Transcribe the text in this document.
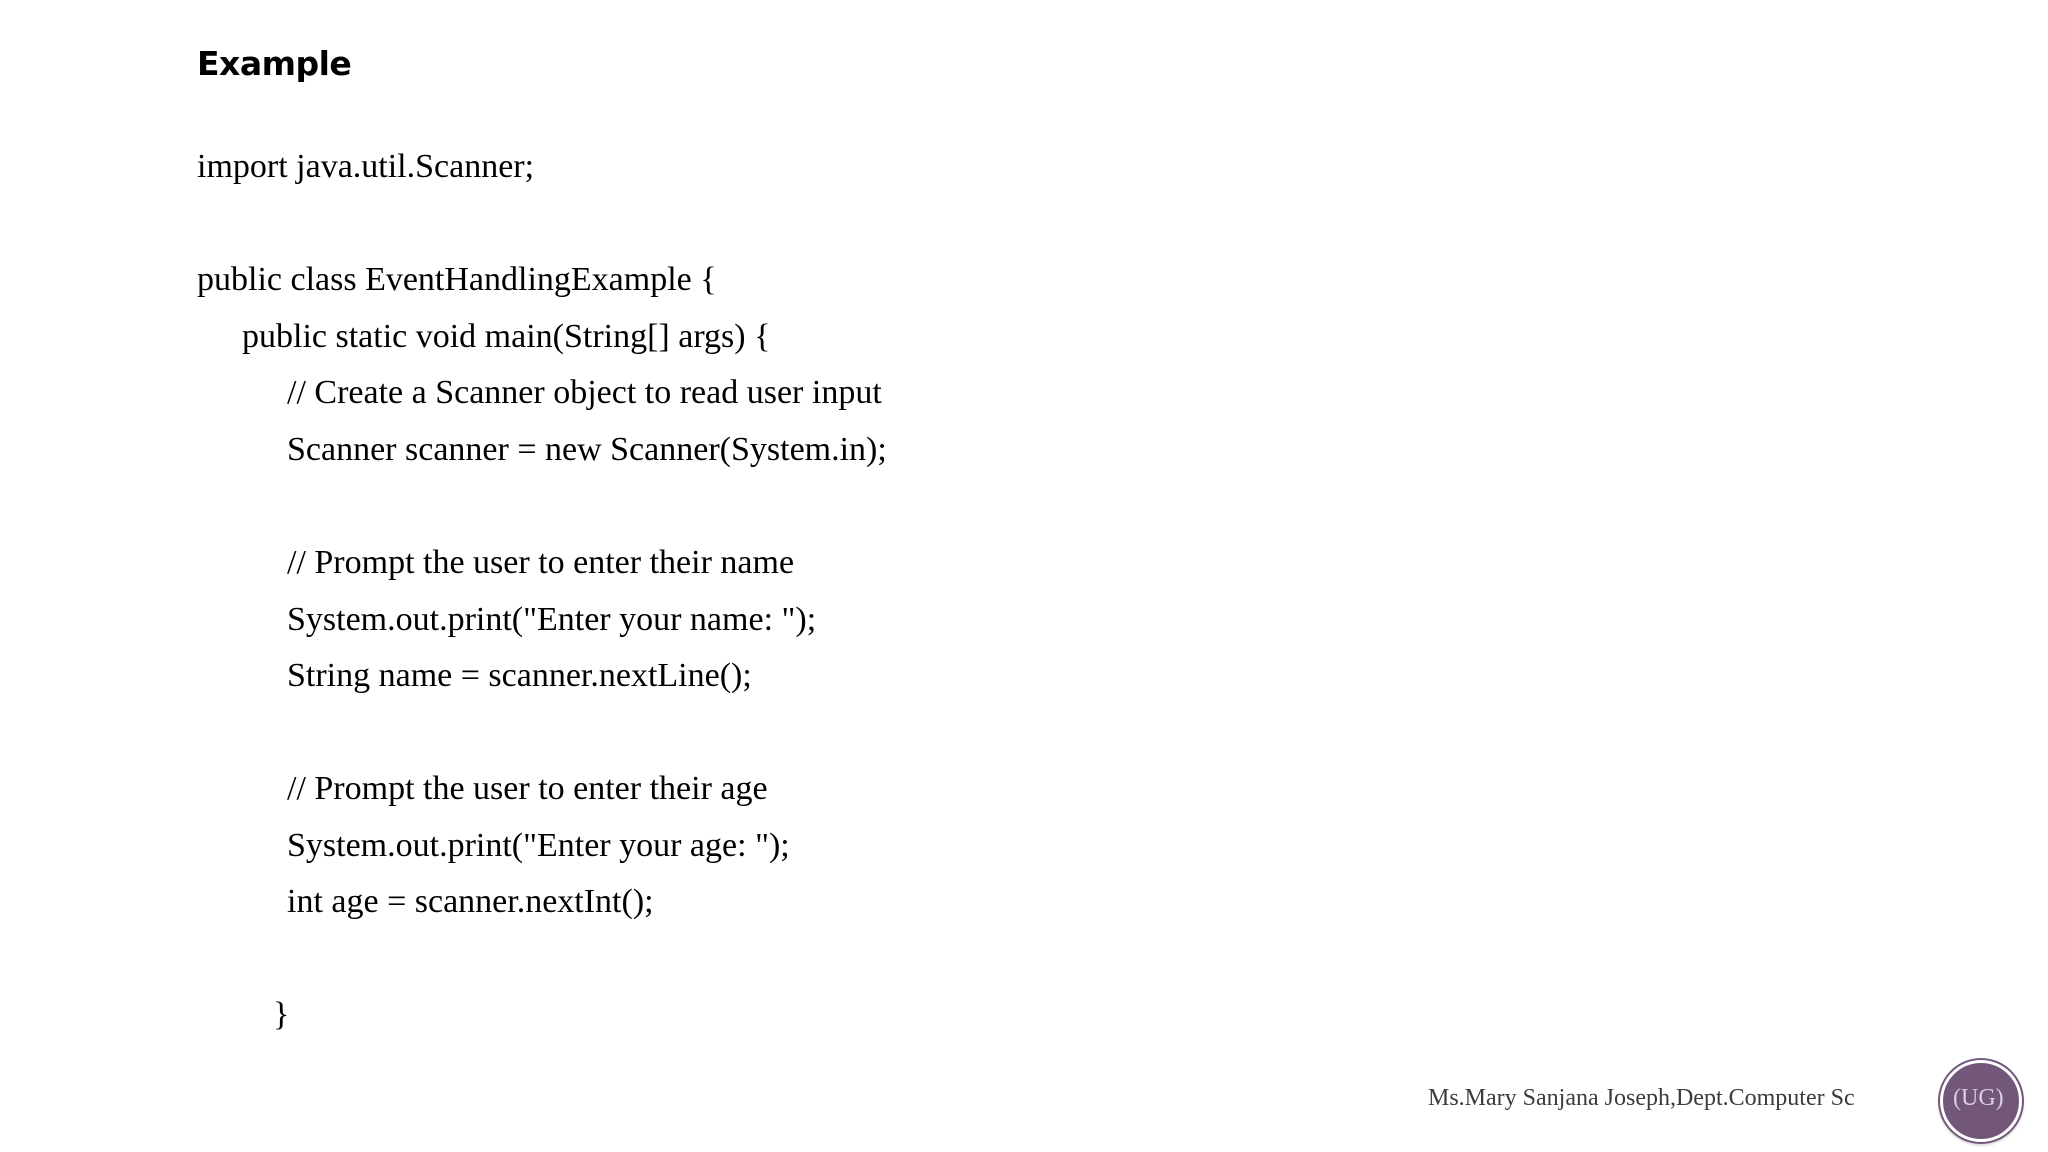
Example
import java.util.Scanner;
public class EventHandlingExample {
public static void main(String[] args) {
// Create a Scanner object to read user input
Scanner scanner = new Scanner(System.in);
// Prompt the user to enter their name
System.out.print("Enter your name: ");
String name = scanner.nextLine();
// Prompt the user to enter their age
System.out.print("Enter your age: ");
int age = scanner.nextInt();
}
Ms.Mary Sanjana Joseph,Dept.Computer Sc	(UG)
